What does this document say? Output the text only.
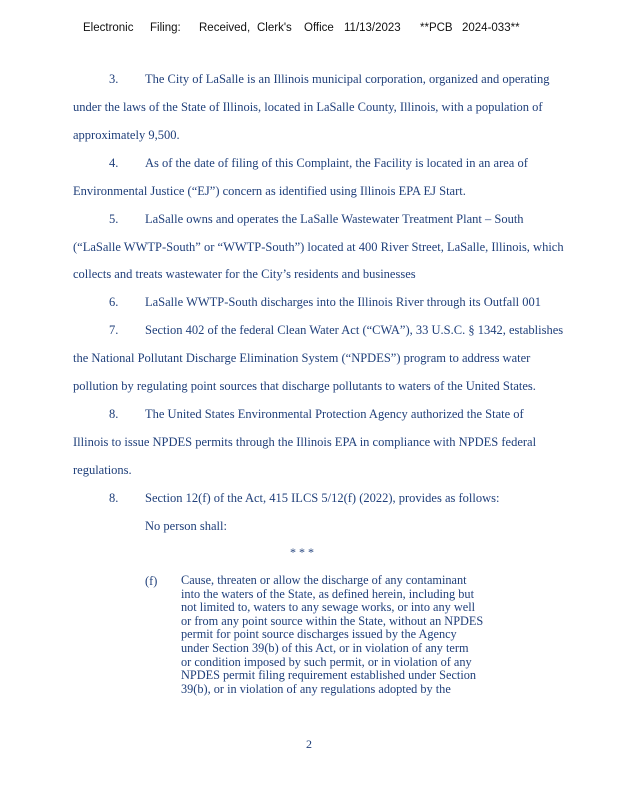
Electronic Filing: Received, Clerk's Office 11/13/2023 **PCB 2024-033**
3. The City of LaSalle is an Illinois municipal corporation, organized and operating
under the laws of the State of Illinois, located in LaSalle County, Illinois, with a population of
approximately 9,500.
4. As of the date of filing of this Complaint, the Facility is located in an area of
Environmental Justice (“EJ”) concern as identified using Illinois EPA EJ Start.
5. LaSalle owns and operates the LaSalle Wastewater Treatment Plant – South
(“LaSalle WWTP-South” or “WWTP-South”) located at 400 River Street, LaSalle, Illinois, which
collects and treats wastewater for the City’s residents and businesses
6. LaSalle WWTP-South discharges into the Illinois River through its Outfall 001
7. Section 402 of the federal Clean Water Act (“CWA”), 33 U.S.C. § 1342, establishes
the National Pollutant Discharge Elimination System (“NPDES”) program to address water
pollution by regulating point sources that discharge pollutants to waters of the United States.
8. The United States Environmental Protection Agency authorized the State of
Illinois to issue NPDES permits through the Illinois EPA in compliance with NPDES federal
regulations.
8. Section 12(f) of the Act, 415 ILCS 5/12(f) (2022), provides as follows:
No person shall:
* * *
(f) Cause, threaten or allow the discharge of any contaminant
into the waters of the State, as defined herein, including but
not limited to, waters to any sewage works, or into any well
or from any point source within the State, without an NPDES
permit for point source discharges issued by the Agency
under Section 39(b) of this Act, or in violation of any term
or condition imposed by such permit, or in violation of any
NPDES permit filing requirement established under Section
39(b), or in violation of any regulations adopted by the
2
